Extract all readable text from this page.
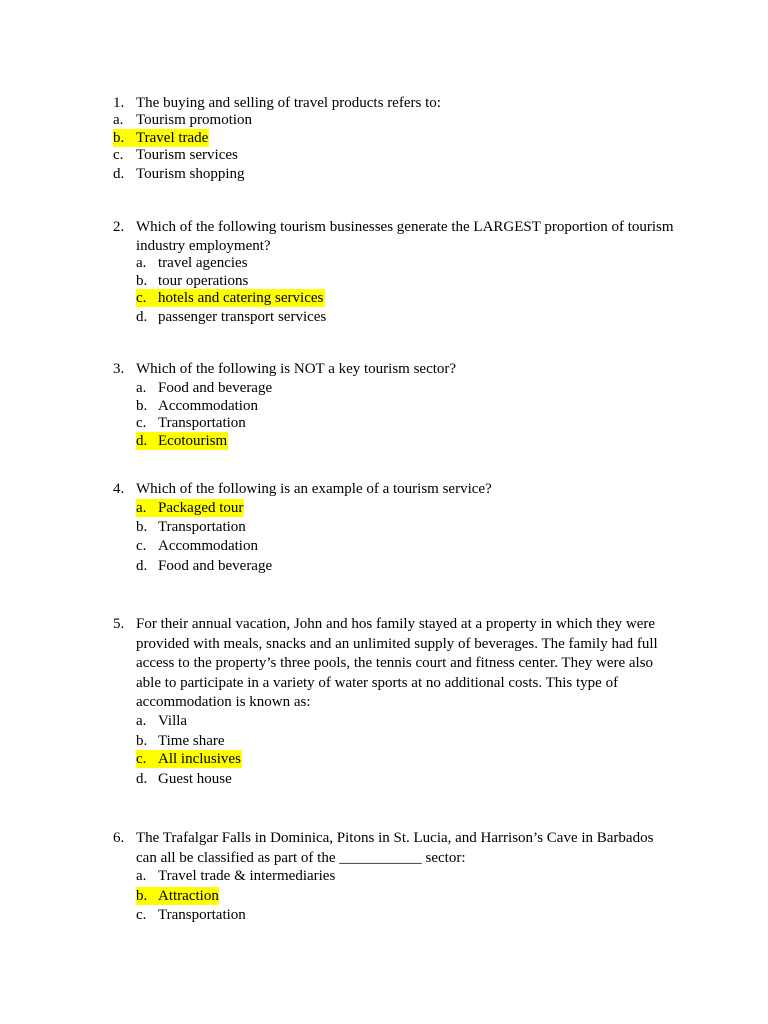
1. The buying and selling of travel products refers to:
a. Tourism promotion
b. Travel trade
c. Tourism services
d. Tourism shopping
2. Which of the following tourism businesses generate the LARGEST proportion of tourism industry employment?
a. travel agencies
b. tour operations
c. hotels and catering services
d. passenger transport services
3. Which of the following is NOT a key tourism sector?
a. Food and beverage
b. Accommodation
c. Transportation
d. Ecotourism
4. Which of the following is an example of a tourism service?
a. Packaged tour
b. Transportation
c. Accommodation
d. Food and beverage
5. For their annual vacation, John and hos family stayed at a property in which they were provided with meals, snacks and an unlimited supply of beverages. The family had full access to the property’s three pools, the tennis court and fitness center. They were also able to participate in a variety of water sports at no additional costs. This type of accommodation is known as:
a. Villa
b. Time share
c. All inclusives
d. Guest house
6. The Trafalgar Falls in Dominica, Pitons in St. Lucia, and Harrison’s Cave in Barbados can all be classified as part of the ___________ sector:
a. Travel trade & intermediaries
b. Attraction
c. Transportation
